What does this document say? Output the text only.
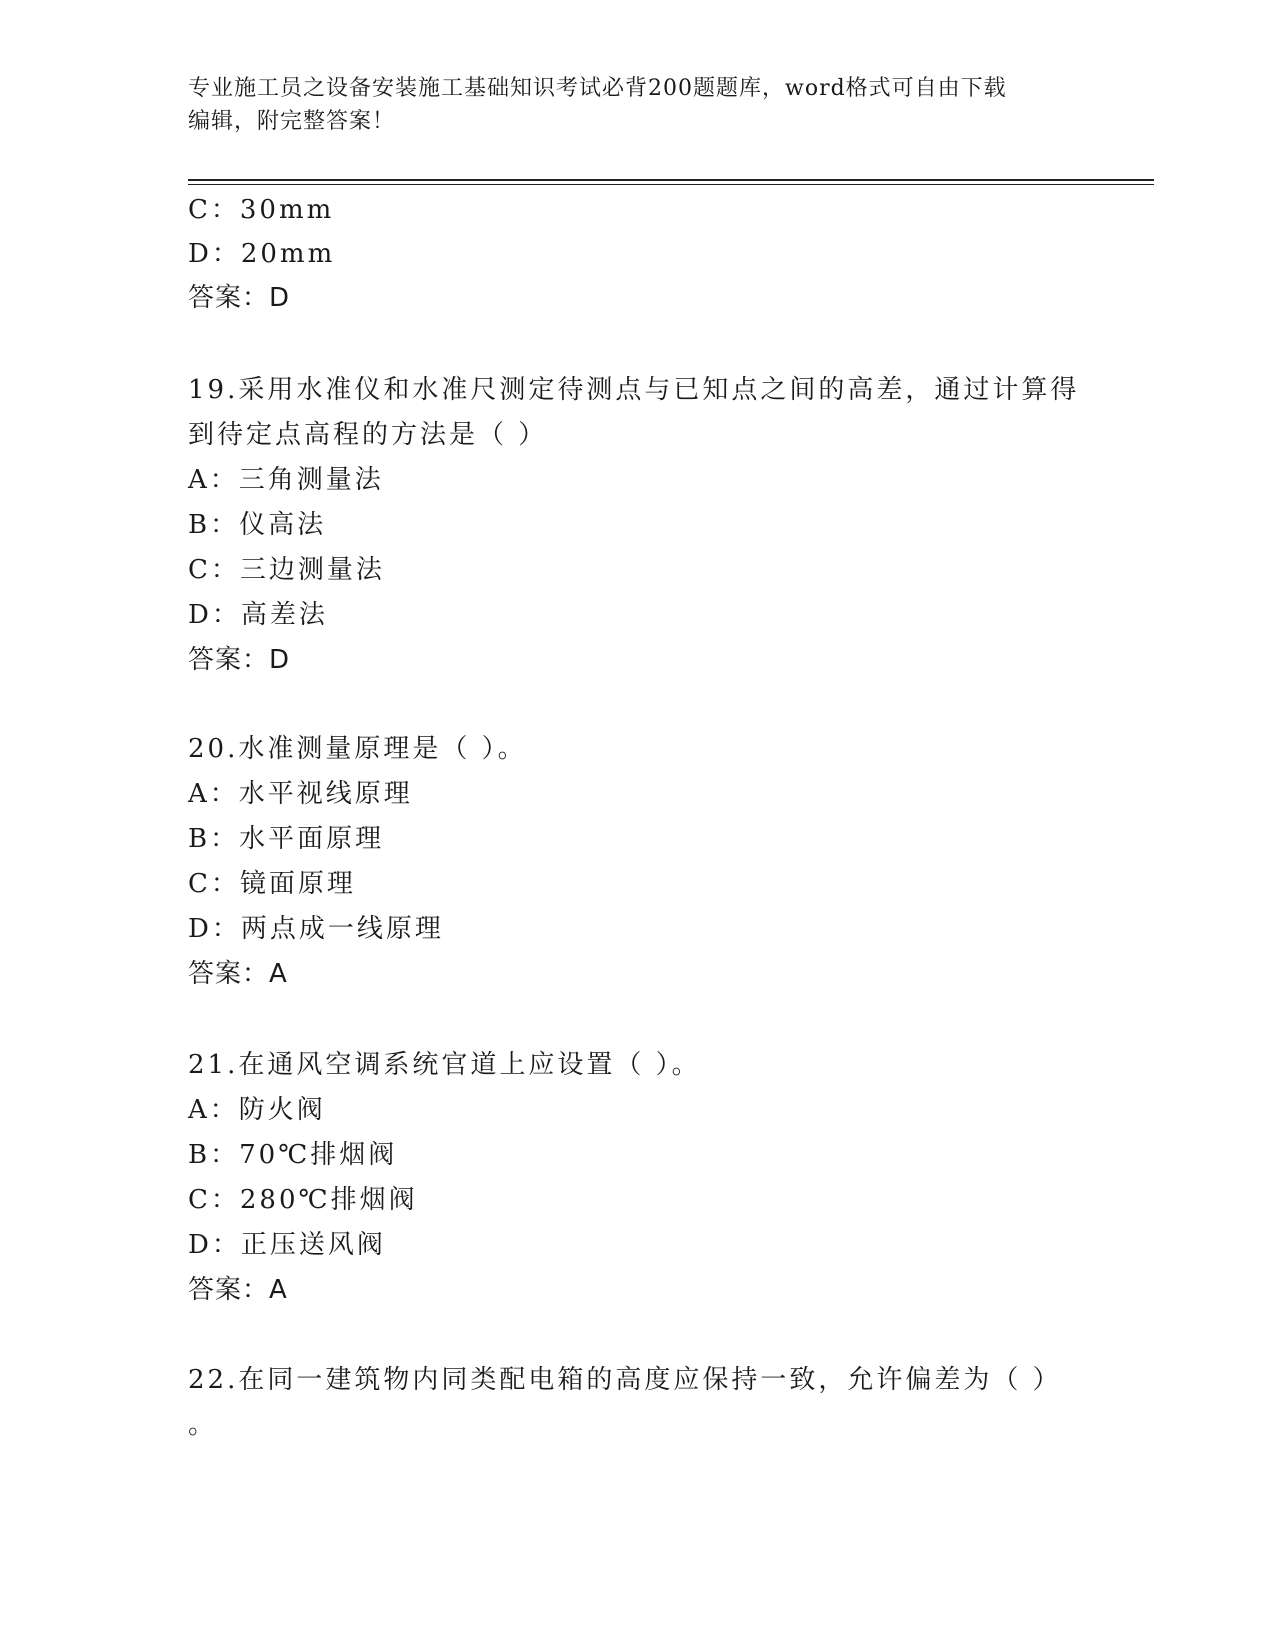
专业施工员之设备安装施工基础知识考试必背200题题库，word格式可自由下载
编辑，附完整答案！
C：30mm
D：20mm
答案：D
19.采用水准仪和水准尺测定待测点与已知点之间的高差，通过计算得
到待定点高程的方法是（ ）
A：三角测量法
B：仪高法
C：三边测量法
D：高差法
答案：D
20.水准测量原理是（ ）。
A：水平视线原理
B：水平面原理
C：镜面原理
D：两点成一线原理
答案：A
21.在通风空调系统官道上应设置（ ）。
A：防火阀
B：70℃排烟阀
C：280℃排烟阀
D：正压送风阀
答案：A
22.在同一建筑物内同类配电箱的高度应保持一致，允许偏差为（ ）
。
